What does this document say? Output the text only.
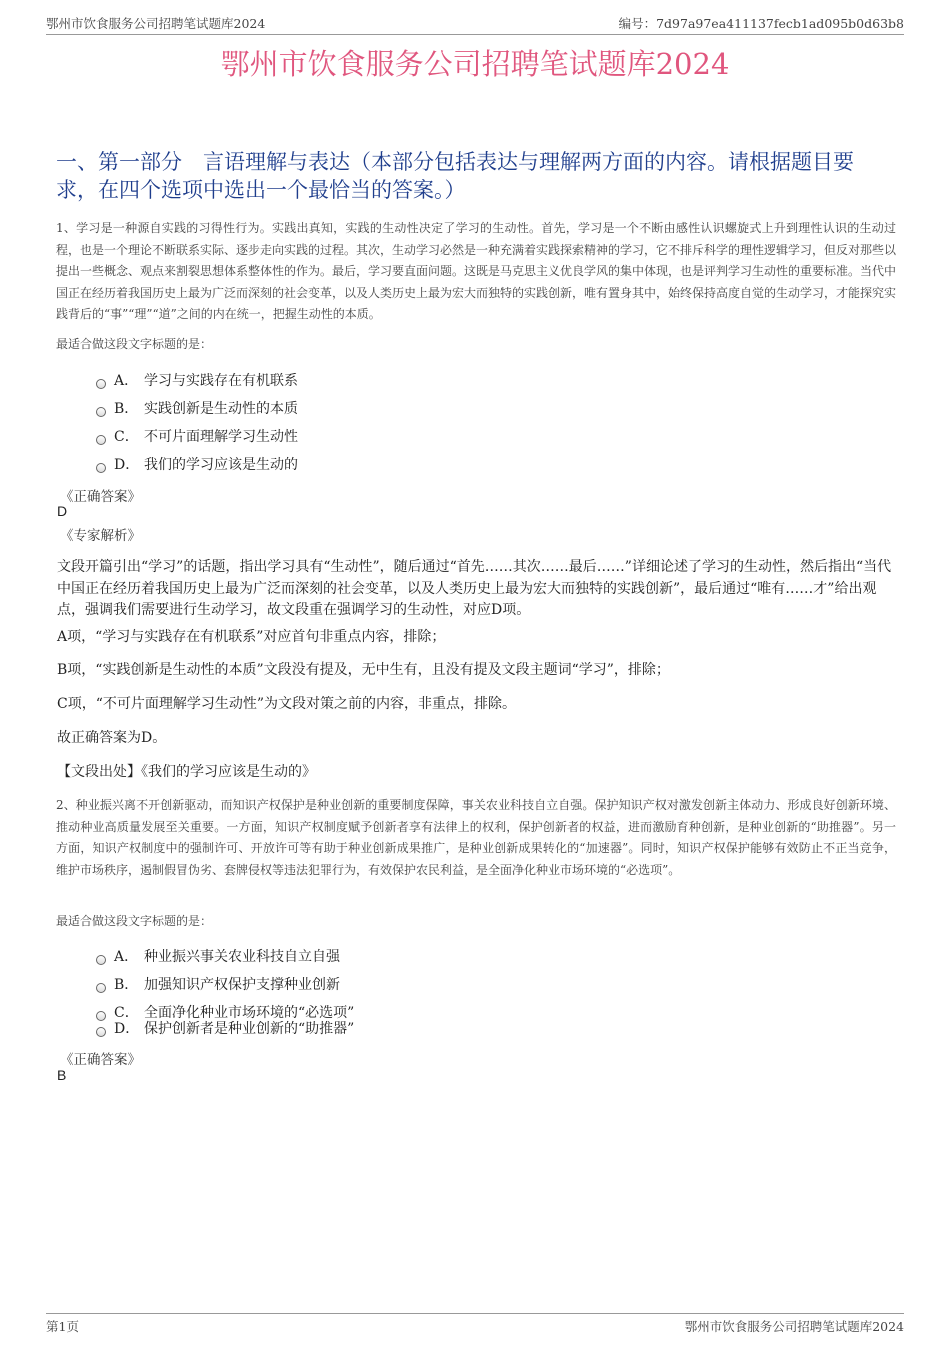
鄂州市饮食服务公司招聘笔试题库2024	编号：7d97a97ea411137fecb1ad095b0d63b8
鄂州市饮食服务公司招聘笔试题库2024
一、第一部分　言语理解与表达（本部分包括表达与理解两方面的内容。请根据题目要求，在四个选项中选出一个最恰当的答案。）
1、学习是一种源自实践的习得性行为。实践出真知，实践的生动性决定了学习的生动性。首先，学习是一个不断由感性认识螺旋式上升到理性认识的生动过程，也是一个理论不断联系实际、逐步走向实践的过程。其次，生动学习必然是一种充满着实践探索精神的学习，它不排斥科学的理性逻辑学习，但反对那些以提出一些概念、观点来割裂思想体系整体性的作为。最后，学习要直面问题。这既是马克思主义优良学风的集中体现，也是评判学习生动性的重要标准。当代中国正在经历着我国历史上最为广泛而深刻的社会变革，以及人类历史上最为宏大而独特的实践创新，唯有置身其中，始终保持高度自觉的生动学习，才能探究实践背后的“事”“理”“道”之间的内在统一，把握生动性的本质。
最适合做这段文字标题的是：
A． 学习与实践存在有机联系
B． 实践创新是生动性的本质
C． 不可片面理解学习生动性
D． 我们的学习应该是生动的
《正确答案》
D
《专家解析》
文段开篇引出“学习”的话题，指出学习具有“生动性”，随后通过“首先……其次……最后……”详细论述了学习的生动性，然后指出“当代中国正在经历着我国历史上最为广泛而深刻的社会变革，以及人类历史上最为宏大而独特的实践创新”，最后通过“唯有……才”给出观点，强调我们需要进行生动学习，故文段重在强调学习的生动性，对应D项。
A项，“学习与实践存在有机联系”对应首句非重点内容，排除；
B项，“实践创新是生动性的本质”文段没有提及，无中生有，且没有提及文段主题词“学习”，排除；
C项，“不可片面理解学习生动性”为文段对策之前的内容，非重点，排除。
故正确答案为D。
【文段出处】《我们的学习应该是生动的》
2、种业振兴离不开创新驱动，而知识产权保护是种业创新的重要制度保障，事关农业科技自立自强。保护知识产权对激发创新主体动力、形成良好创新环境、推动种业高质量发展至关重要。一方面，知识产权制度赋予创新者享有法律上的权利，保护创新者的权益，进而激励育种创新，是种业创新的“助推器”。另一方面，知识产权制度中的强制许可、开放许可等有助于种业创新成果推广，是种业创新成果转化的“加速器”。同时，知识产权保护能够有效防止不正当竞争，维护市场秩序，遏制假冒伪劣、套牌侵权等违法犯罪行为，有效保护农民利益，是全面净化种业市场环境的“必选项”。
最适合做这段文字标题的是：
A． 种业振兴事关农业科技自立自强
B． 加强知识产权保护支撑种业创新
C． 全面净化种业市场环境的“必选项”
D． 保护创新者是种业创新的“助推器”
《正确答案》
B
第1页	鄂州市饮食服务公司招聘笔试题库2024
